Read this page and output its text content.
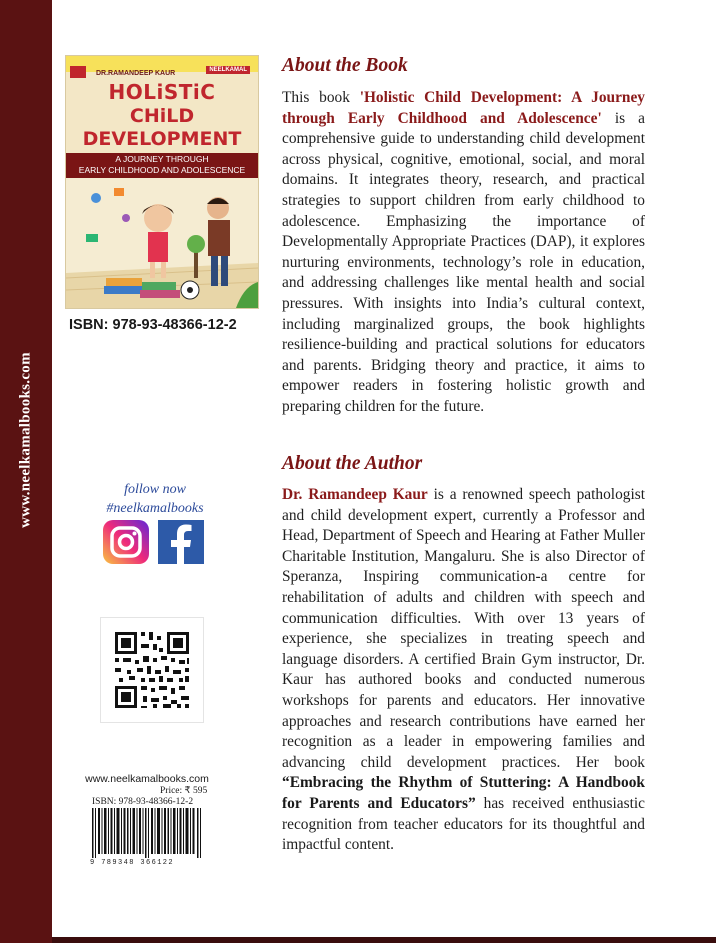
www.neelkamalbooks.com
DR.RAMANDEEP KAUR	NEELKAMAL
HOLiSTiC
CHiLD
DEVELOPMENT
A JOURNEY THROUGH
EARLY CHILDHOOD AND ADOLESCENCE
ISBN: 978-93-48366-12-2
follow now
#neelkamalbooks
www.neelkamalbooks.com
Price: ₹ 595
ISBN: 978-93-48366-12-2
9 789348 366122
About the Book
This book 'Holistic Child Development: A Journey through Early Childhood and Adolescence' is a comprehensive guide to understanding child development across physical, cognitive, emotional, social, and moral domains. It integrates theory, research, and practical strategies to support children from early childhood to adolescence. Emphasizing the importance of Developmentally Appropriate Practices (DAP), it explores nurturing environments, technology’s role in education, and addressing challenges like mental health and social pressures. With insights into India’s cultural context, including marginalized groups, the book highlights resilience-building and practical solutions for educators and parents. Bridging theory and practice, it aims to empower readers in fostering holistic growth and preparing children for the future.
About the Author
Dr. Ramandeep Kaur is a renowned speech pathologist and child development expert, currently a Professor and Head, Department of Speech and Hearing at Father Muller Charitable Institution, Mangaluru. She is also Director of Speranza, Inspiring communication-a centre for rehabilitation of adults and children with speech and communication difficulties. With over 13 years of experience, she specializes in treating speech and language disorders. A certified Brain Gym instructor, Dr. Kaur has authored books and conducted numerous workshops for parents and educators. Her innovative approaches and research contributions have earned her recognition as a leader in empowering families and advancing child development practices. Her book “Embracing the Rhythm of Stuttering: A Handbook for Parents and Educators” has received enthusiastic recognition from teacher educators for its thoughtful and impactful content.
